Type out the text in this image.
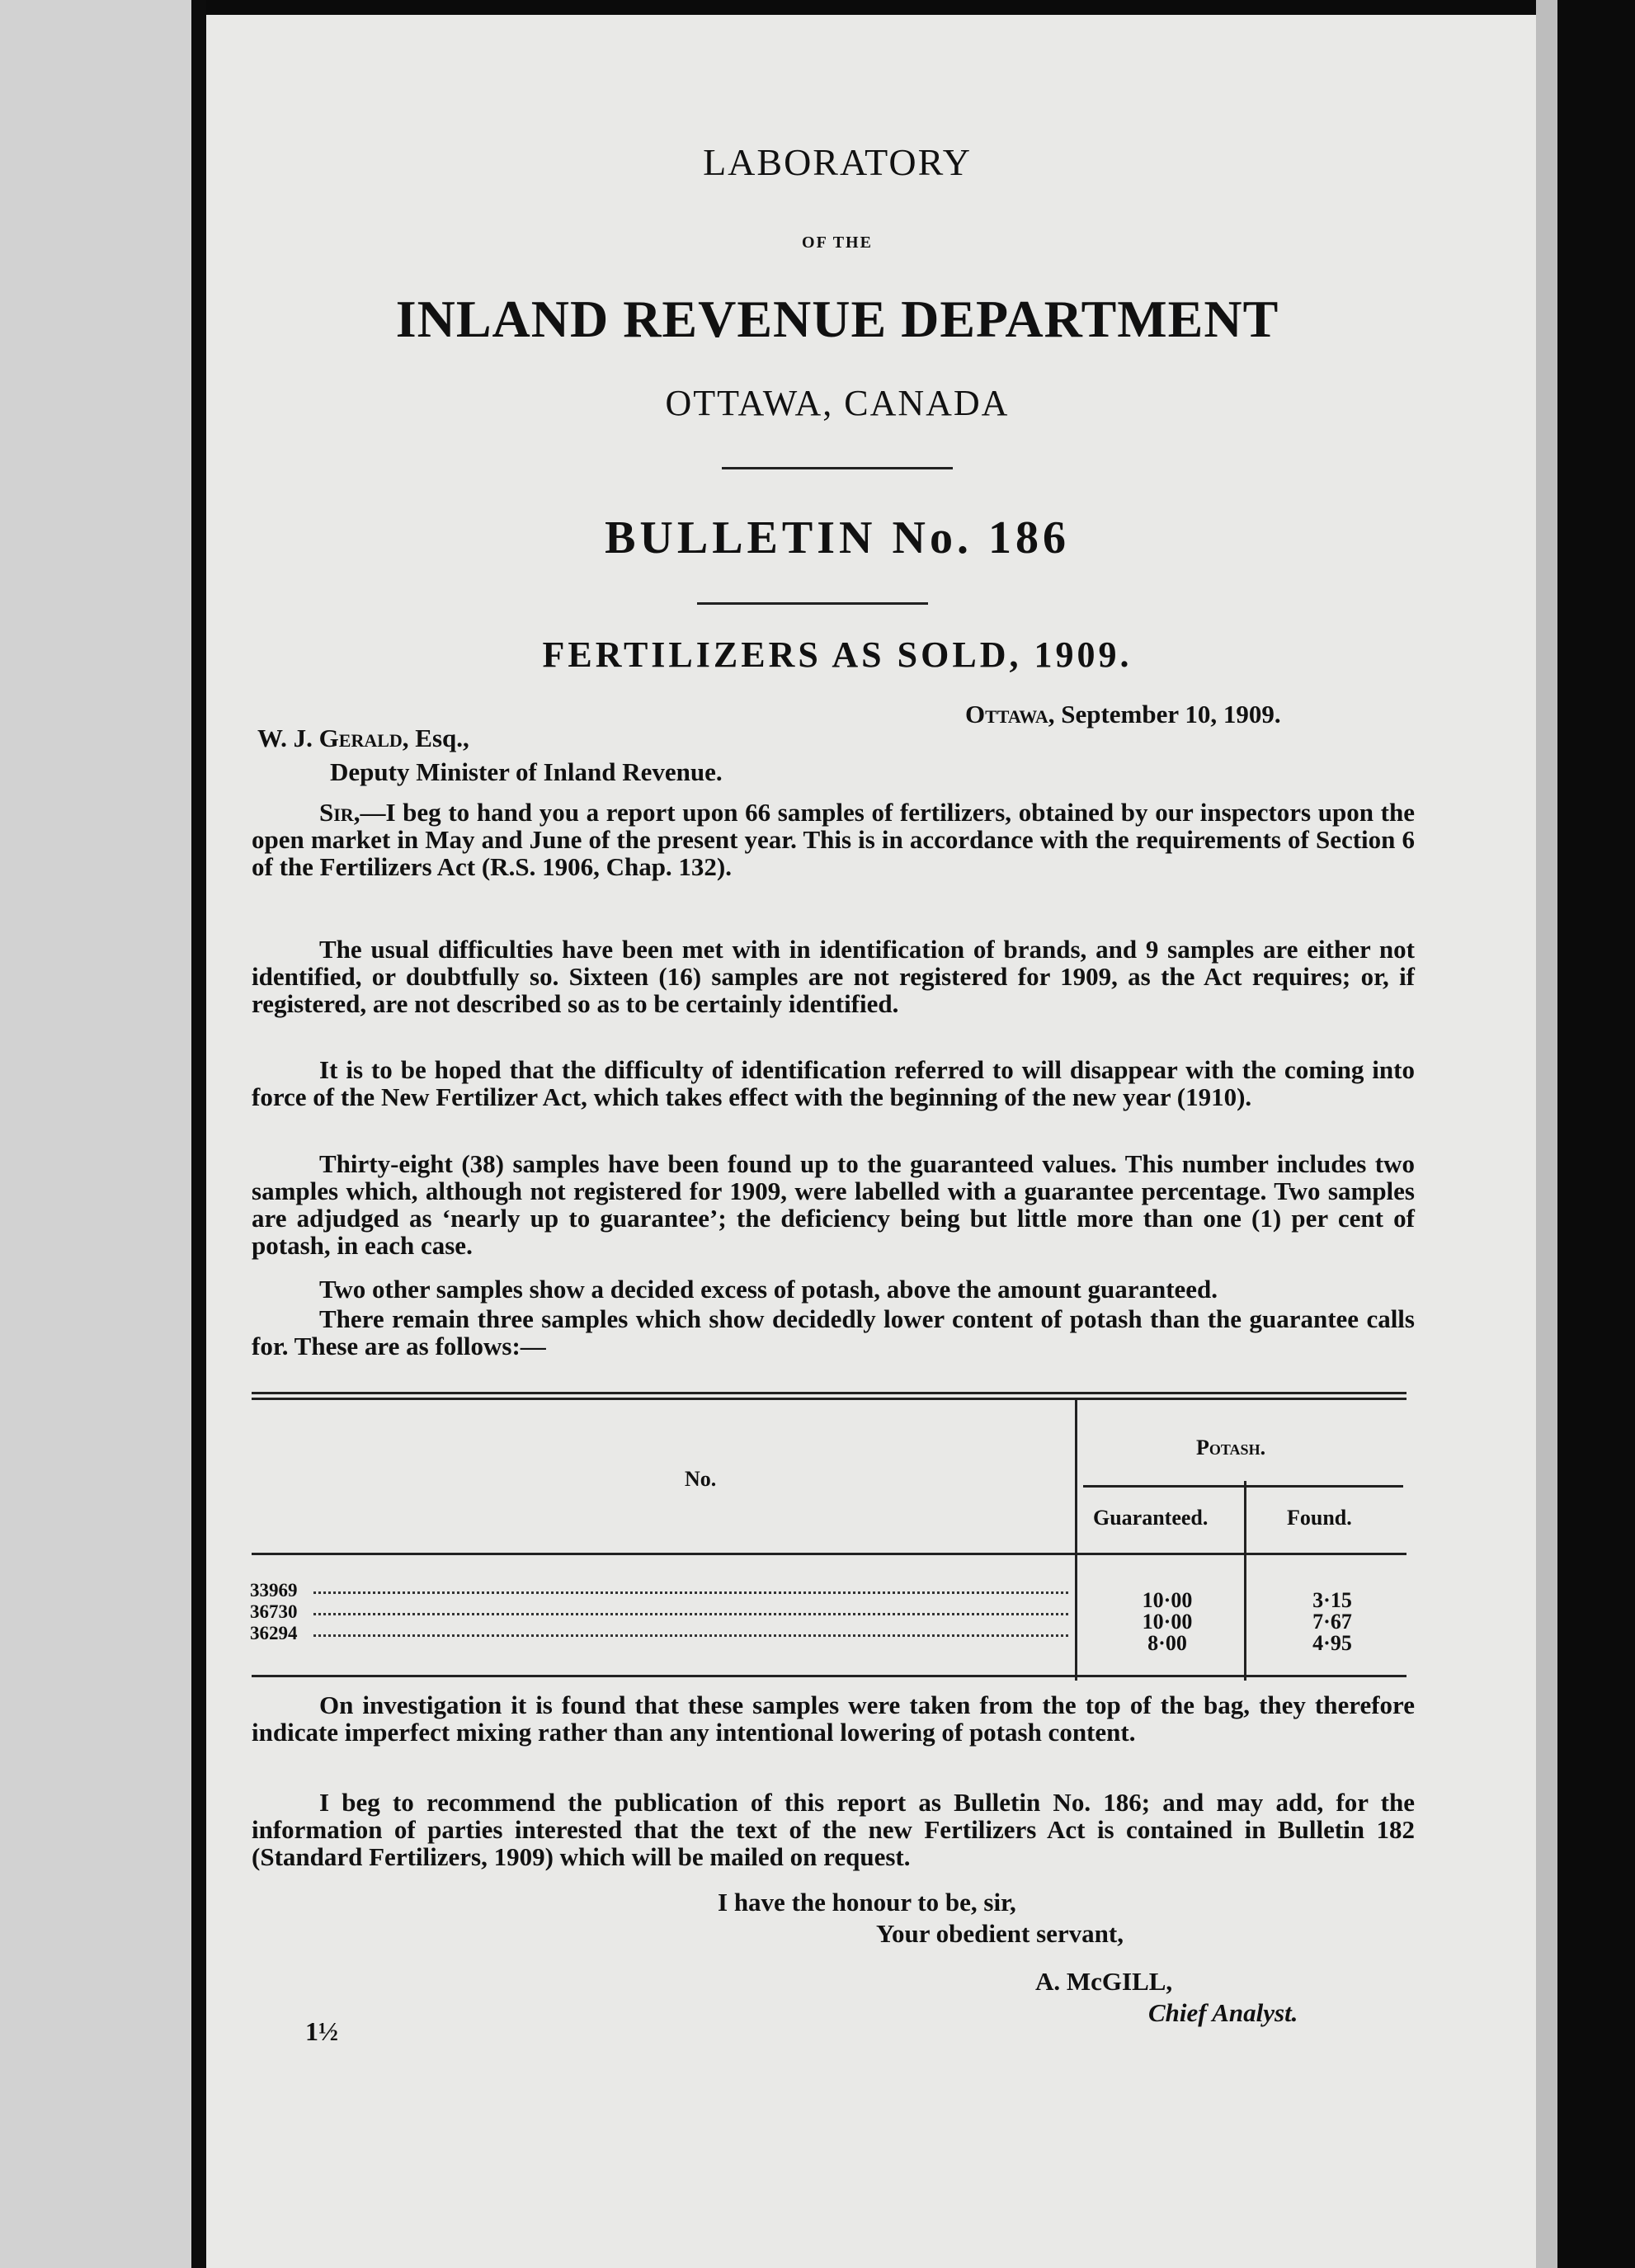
LABORATORY
OF THE
INLAND REVENUE DEPARTMENT
OTTAWA, CANADA
BULLETIN No. 186
FERTILIZERS AS SOLD, 1909.
Ottawa, September 10, 1909.
W. J. Gerald, Esq.,
Deputy Minister of Inland Revenue.
Sir,—I beg to hand you a report upon 66 samples of fertilizers, obtained by our inspectors upon the open market in May and June of the present year. This is in accordance with the requirements of Section 6 of the Fertilizers Act (R.S. 1906, Chap. 132).
The usual difficulties have been met with in identification of brands, and 9 samples are either not identified, or doubtfully so. Sixteen (16) samples are not registered for 1909, as the Act requires; or, if registered, are not described so as to be certainly identified.
It is to be hoped that the difficulty of identification referred to will disappear with the coming into force of the New Fertilizer Act, which takes effect with the beginning of the new year (1910).
Thirty-eight (38) samples have been found up to the guaranteed values. This number includes two samples which, although not registered for 1909, were labelled with a guarantee percentage. Two samples are adjudged as ‘nearly up to guarantee’; the deficiency being but little more than one (1) per cent of potash, in each case.
Two other samples show a decided excess of potash, above the amount guaranteed.
There remain three samples which show decidedly lower content of potash than the guarantee calls for. These are as follows:—
No.
Potash.
Guaranteed.	Found.
33969	10·00	3·15
36730	10·00	7·67
36294	8·00	4·95
On investigation it is found that these samples were taken from the top of the bag, they therefore indicate imperfect mixing rather than any intentional lowering of potash content.
I beg to recommend the publication of this report as Bulletin No. 186; and may add, for the information of parties interested that the text of the new Fertilizers Act is contained in Bulletin 182 (Standard Fertilizers, 1909) which will be mailed on request.
I have the honour to be, sir,
Your obedient servant,
A. McGILL,
Chief Analyst.
1½
